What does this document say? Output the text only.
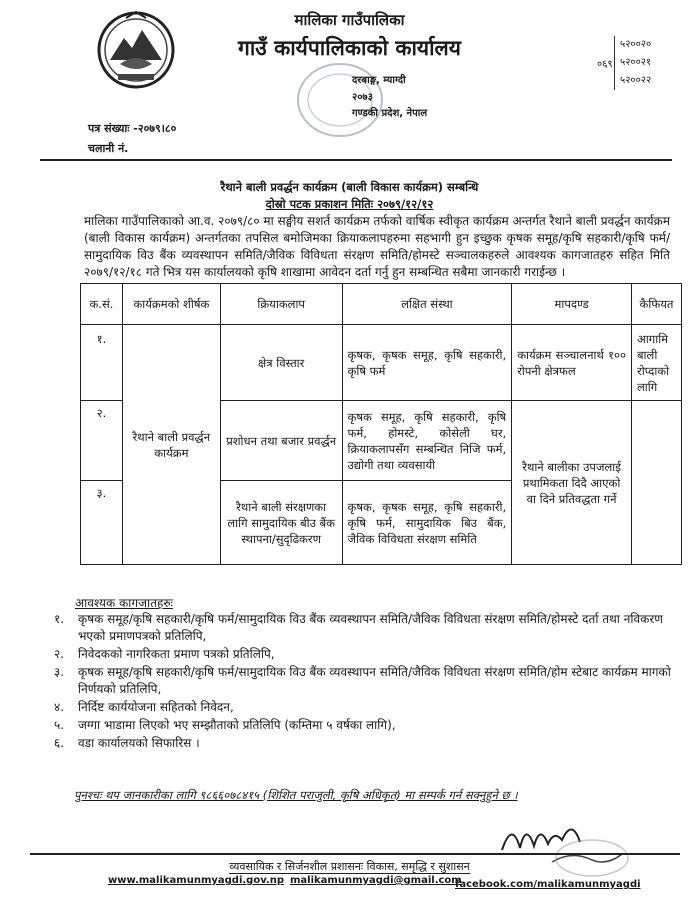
मालिका गाउँपालिका
गाउँ कार्यपालिकाको कार्यालय
दरबाङ्ग, म्याग्दी
२०७३
गण्डकी प्रदेश, नेपाल
०६९
५२००२०
५२००२१
५२००२२
पत्र संख्याः -२०७९।८०
चलानी नं.
रैथाने बाली प्रवर्द्धन कार्यक्रम (बाली विकास कार्यक्रम) सम्बन्धि
दोस्रो पटक प्रकाशन मितिः २०७९/१२/१२
मालिका गाउँपालिकाको आ.व. २०७९/८० मा सङ्घीय सशर्त कार्यक्रम तर्फको वार्षिक स्वीकृत कार्यक्रम अन्तर्गत रैथाने बाली प्रवर्द्धन कार्यक्रम (बाली विकास कार्यक्रम) अन्तर्गतका तपसिल बमोजिमका क्रियाकलापहरुमा सहभागी हुन इच्छुक कृषक समूह/कृषि सहकारी/कृषि फर्म/सामुदायिक विउ बैंक व्यवस्थापन समिति/जैविक विविधता संरक्षण समिति/होमस्टे सञ्चालकहरुले आवश्यक कागजातहरु सहित मिति २०७९/१२/१८ गते भित्र यस कार्यालयको कृषि शाखामा आवेदन दर्ता गर्नु हुन सम्बन्धित सबैमा जानकारी गराईन्छ ।
क.सं.	कार्यक्रमको शीर्षक	क्रियाकलाप	लक्षित संस्था	मापदण्ड	कैफियत
१.	रैथाने बाली प्रवर्द्धन कार्यक्रम	क्षेत्र विस्तार	कृषक, कृषक समूह, कृषि सहकारी, कृषि फर्म	कार्यक्रम सञ्चालनार्थ १०० रोपनी क्षेत्रफल	आगामि बाली रोप्दाको लागि
२.		प्रशोधन तथा बजार प्रवर्द्धन	कृषक समूह, कृषि सहकारी, कृषि फर्म, होमस्टे, कोसेली घर, क्रियाकलापसँग सम्बन्धित निजि फर्म, उद्योगी तथा व्यवसायी	रैथाने बालीका उपजलाई प्रथामिकता दिदै आएको वा दिने प्रतिवद्धता गर्ने	
३.		रैथाने बाली संरक्षणका लागि सामुदायिक बीउ बैंक स्थापना/सुदृढिकरण	कृषक, कृषक समूह, कृषि सहकारी, कृषि फर्म, सामुदायिक बिउ बैंक, जैविक विविधता संरक्षण समिति		
आवश्यक कागजातहरुः
१.	कृषक समूह/कृषि सहकारी/कृषि फर्म/सामुदायिक विउ बैंक व्यवस्थापन समिति/जैविक विविधता संरक्षण समिति/होमस्टे दर्ता तथा नविकरण भएको प्रमाणपत्रको प्रतिलिपि,
२.	निवेदकको नागरिकता प्रमाण पत्रको प्रतिलिपि,
३.	कृषक समूह/कृषि सहकारी/कृषि फर्म/सामुदायिक विउ बैंक व्यवस्थापन समिति/जैविक विविधता संरक्षण समिति/होम स्टेबाट कार्यक्रम मागको निर्णयको प्रतिलिपि,
४.	निर्दिष्ट कार्ययोजना सहितको निवेदन,
५.	जग्गा भाडामा लिएको भए सम्झौताको प्रतिलिपि (कम्तिमा ५ वर्षका लागि),
६.	वडा कार्यालयको सिफारिस ।
पुनश्चः थप जानकारीका लागि ९८६६०७८४१५ (शिशित पराजुली, कृषि अधिकृत) मा सम्पर्क गर्न सक्नुहुने छ ।
व्यवसायिक र सिर्जनशील प्रशासनः विकास, समृद्धि र सुशासन
www.malikamunmyagdi.gov.np malikamunmyagdi@gmail.com
facebook.com/malikamunmyagdi
